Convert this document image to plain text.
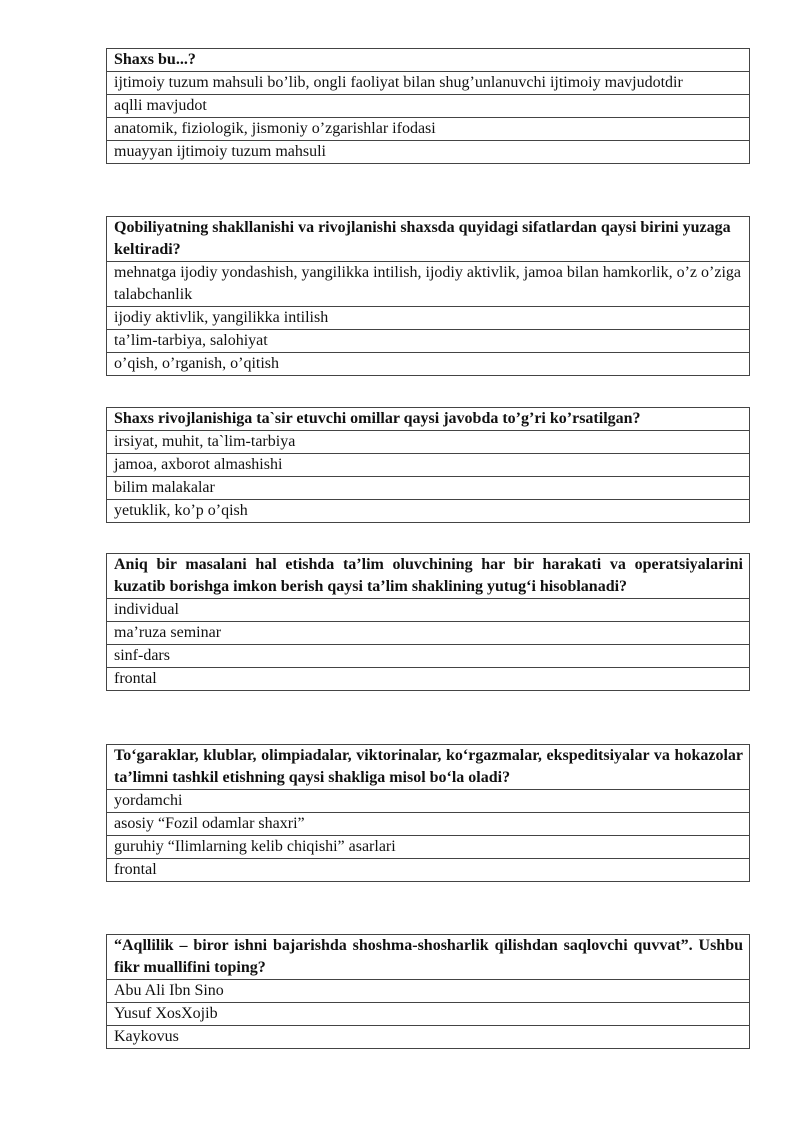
Shaxs bu...?
ijtimoiy tuzum mahsuli bo’lib, ongli faoliyat bilan shug’unlanuvchi ijtimoiy mavjudotdir
aqlli mavjudot
anatomik, fiziologik, jismoniy o’zgarishlar ifodasi
muayyan ijtimoiy tuzum mahsuli
Qobiliyatning shakllanishi va rivojlanishi shaxsda quyidagi sifatlardan qaysi birini yuzaga keltiradi?
mehnatga ijodiy yondashish, yangilikka intilish, ijodiy aktivlik, jamoa bilan hamkorlik, o’z o’ziga talabchanlik
ijodiy aktivlik, yangilikka intilish
ta’lim-tarbiya, salohiyat
o’qish, o’rganish, o’qitish
Shaxs rivojlanishiga ta`sir etuvchi omillar qaysi javobda to’g’ri ko’rsatilgan?
irsiyat, muhit, ta`lim-tarbiya
jamoa, axborot almashishi
bilim malakalar
yetuklik, ko’p o’qish
Aniq bir masalani hal etishda ta’lim oluvchining har bir harakati va operatsiyalarini kuzatib borishga imkon berish qaysi ta’lim shaklining yutug‘i hisoblanadi?
individual
ma’ruza seminar
sinf-dars
frontal
To‘garaklar, klublar, olimpiadalar, viktorinalar, ko‘rgazmalar, ekspeditsiyalar va hokazolar ta’limni tashkil etishning qaysi shakliga misol bo‘la oladi?
yordamchi
asosiy “Fozil odamlar shaxri”
guruhiy “Ilimlarning kelib chiqishi” asarlari
frontal
“Aqllilik – biror ishni bajarishda shoshma-shosharlik qilishdan saqlovchi quvvat”. Ushbu fikr muallifini toping?
Abu Ali Ibn Sino
Yusuf XosXojib
Kaykovus
